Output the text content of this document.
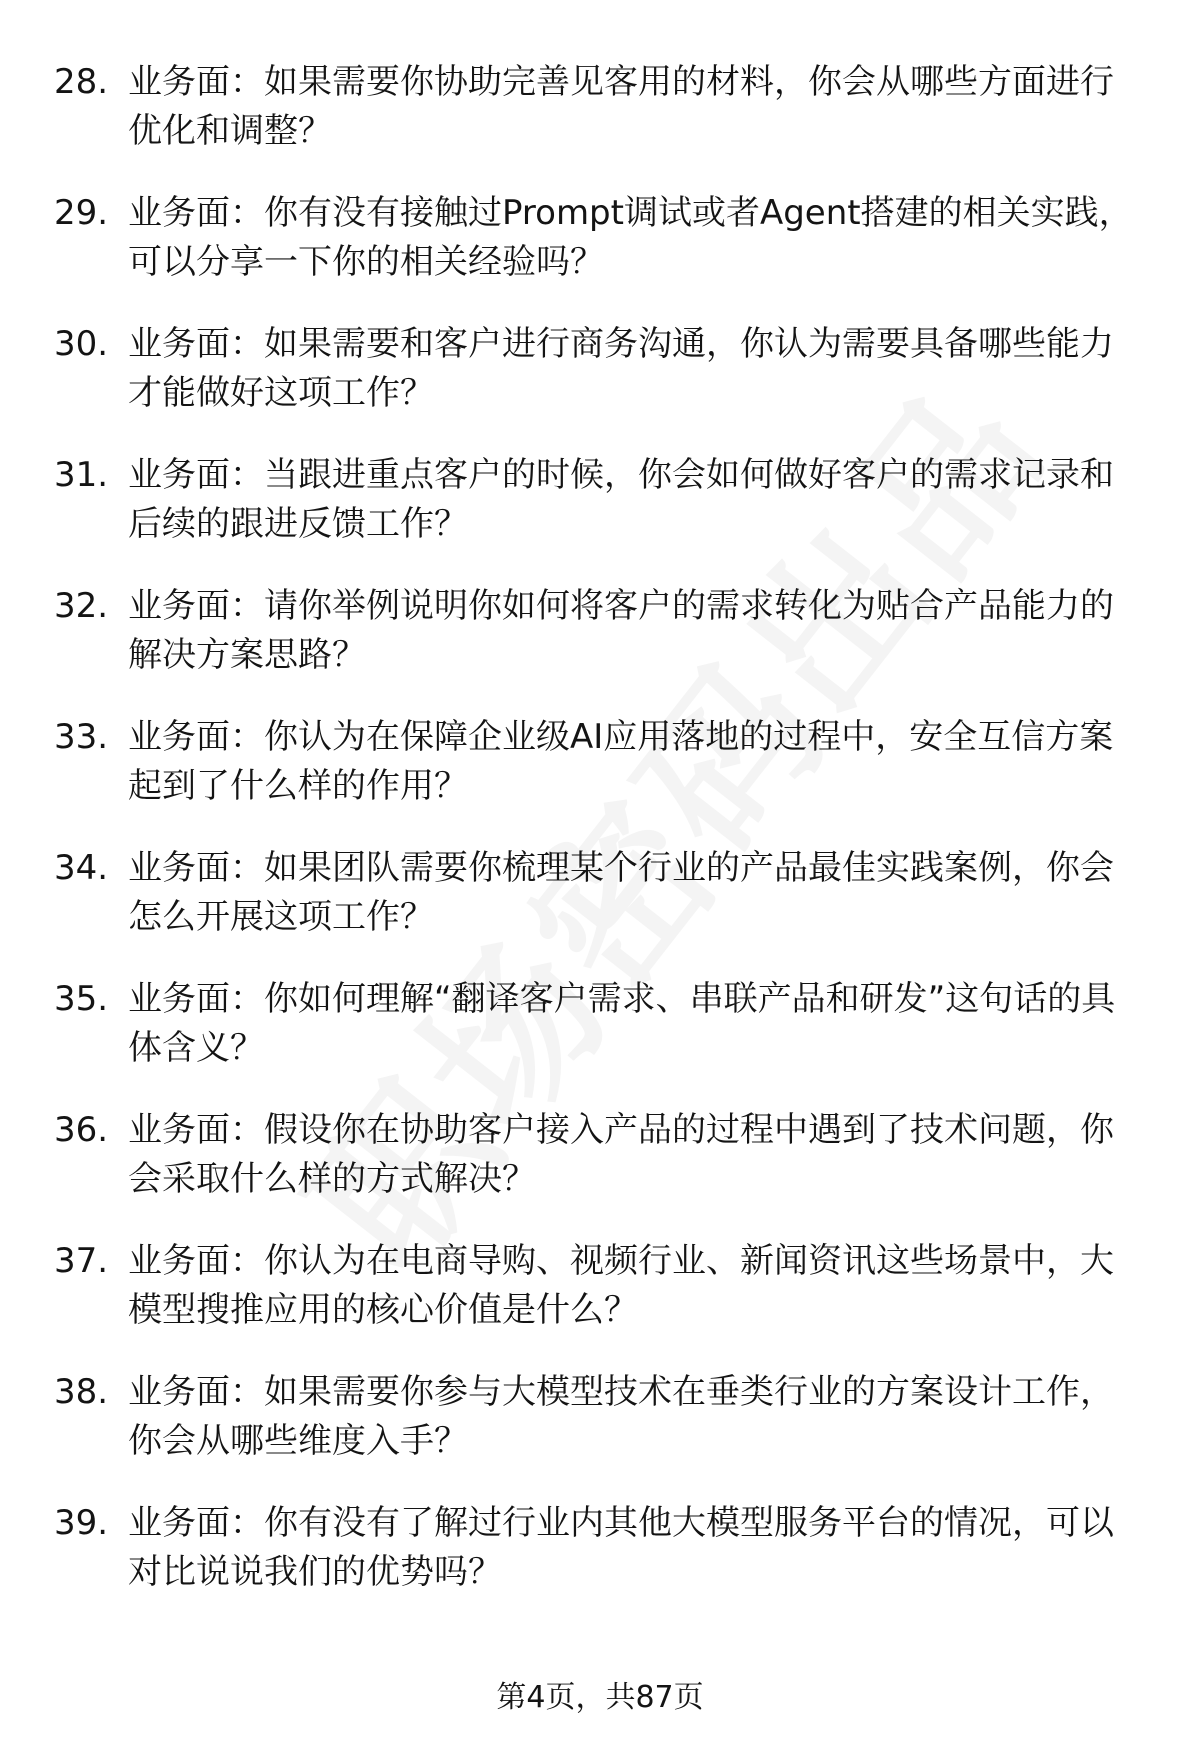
28. 业务面：如果需要你协助完善见客用的材料，你会从哪些方面进行优化和调整？
29. 业务面：你有没有接触过Prompt调试或者Agent搭建的相关实践，可以分享一下你的相关经验吗？
30. 业务面：如果需要和客户进行商务沟通，你认为需要具备哪些能力才能做好这项工作？
31. 业务面：当跟进重点客户的时候，你会如何做好客户的需求记录和后续的跟进反馈工作？
32. 业务面：请你举例说明你如何将客户的需求转化为贴合产品能力的解决方案思路？
33. 业务面：你认为在保障企业级AI应用落地的过程中，安全互信方案起到了什么样的作用？
34. 业务面：如果团队需要你梳理某个行业的产品最佳实践案例，你会怎么开展这项工作？
35. 业务面：你如何理解“翻译客户需求、串联产品和研发”这句话的具体含义？
36. 业务面：假设你在协助客户接入产品的过程中遇到了技术问题，你会采取什么样的方式解决？
37. 业务面：你认为在电商导购、视频行业、新闻资讯这些场景中，大模型搜推应用的核心价值是什么？
38. 业务面：如果需要你参与大模型技术在垂类行业的方案设计工作，你会从哪些维度入手？
39. 业务面：你有没有了解过行业内其他大模型服务平台的情况，可以对比说说我们的优势吗？
第4页，共87页
